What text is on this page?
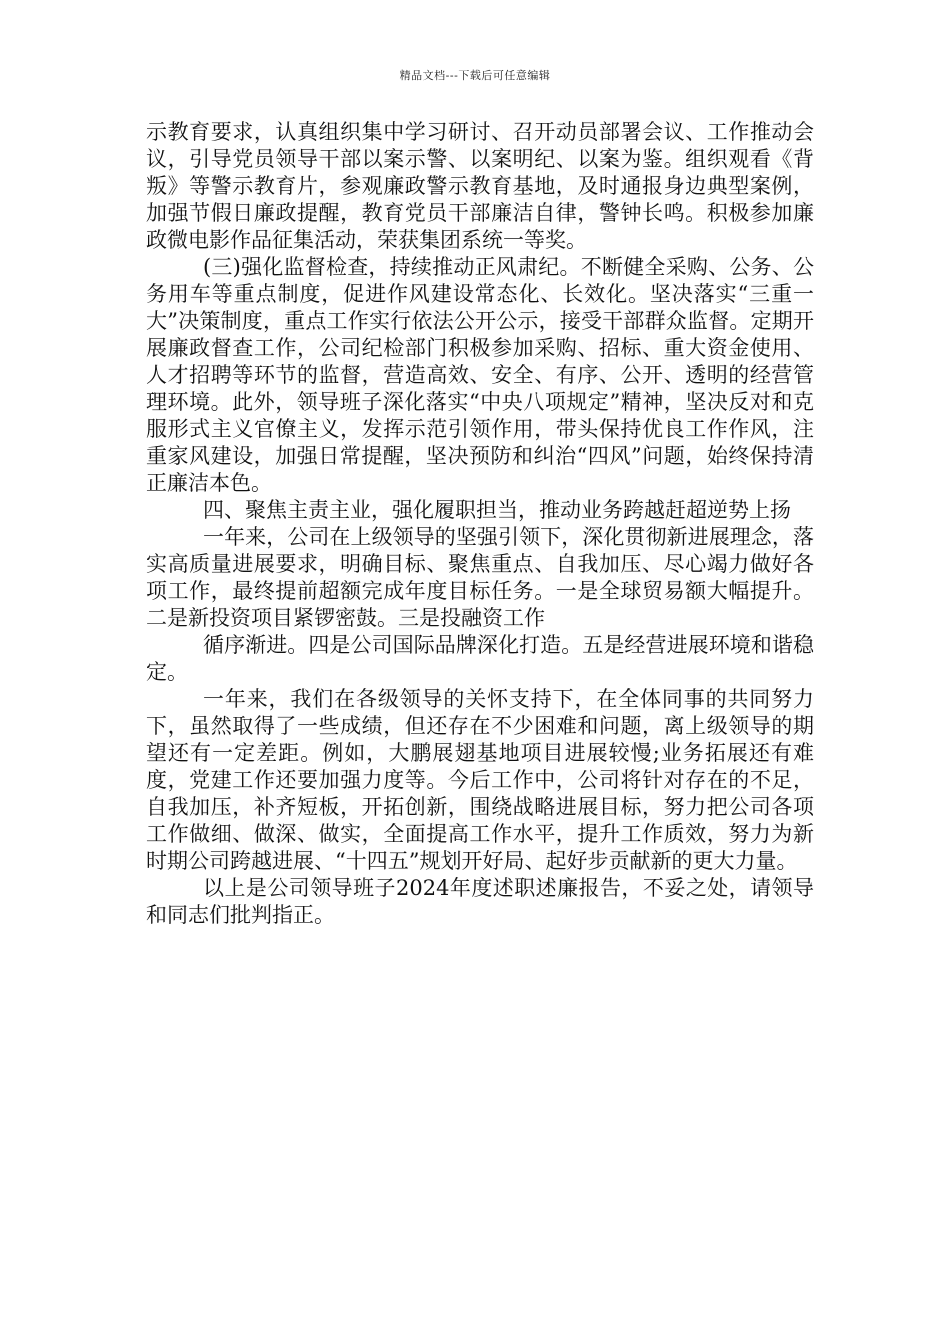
精品文档---下载后可任意编辑

示教育要求，认真组织集中学习研讨、召开动员部署会议、工作推动会议，引导党员领导干部以案示警、以案明纪、以案为鉴。组织观看《背叛》等警示教育片，参观廉政警示教育基地，及时通报身边典型案例，加强节假日廉政提醒，教育党员干部廉洁自律，警钟长鸣。积极参加廉政微电影作品征集活动，荣获集团系统一等奖。

(三)强化监督检查，持续推动正风肃纪。不断健全采购、公务、公务用车等重点制度，促进作风建设常态化、长效化。坚决落实“三重一大”决策制度，重点工作实行依法公开公示，接受干部群众监督。定期开展廉政督查工作，公司纪检部门积极参加采购、招标、重大资金使用、人才招聘等环节的监督，营造高效、安全、有序、公开、透明的经营管理环境。此外，领导班子深化落实“中央八项规定”精神，坚决反对和克服形式主义官僚主义，发挥示范引领作用，带头保持优良工作作风，注重家风建设，加强日常提醒，坚决预防和纠治“四风”问题，始终保持清正廉洁本色。

四、聚焦主责主业，强化履职担当，推动业务跨越赶超逆势上扬

一年来，公司在上级领导的坚强引领下，深化贯彻新进展理念，落实高质量进展要求，明确目标、聚焦重点、自我加压、尽心竭力做好各项工作，最终提前超额完成年度目标任务。一是全球贸易额大幅提升。二是新投资项目紧锣密鼓。三是投融资工作

循序渐进。四是公司国际品牌深化打造。五是经营进展环境和谐稳定。

一年来，我们在各级领导的关怀支持下，在全体同事的共同努力下，虽然取得了一些成绩，但还存在不少困难和问题，离上级领导的期望还有一定差距。例如，大鹏展翅基地项目进展较慢;业务拓展还有难度，党建工作还要加强力度等。今后工作中，公司将针对存在的不足，自我加压，补齐短板，开拓创新，围绕战略进展目标，努力把公司各项工作做细、做深、做实，全面提高工作水平，提升工作质效，努力为新时期公司跨越进展、“十四五”规划开好局、起好步贡献新的更大力量。

以上是公司领导班子2024年度述职述廉报告，不妥之处，请领导和同志们批判指正。
